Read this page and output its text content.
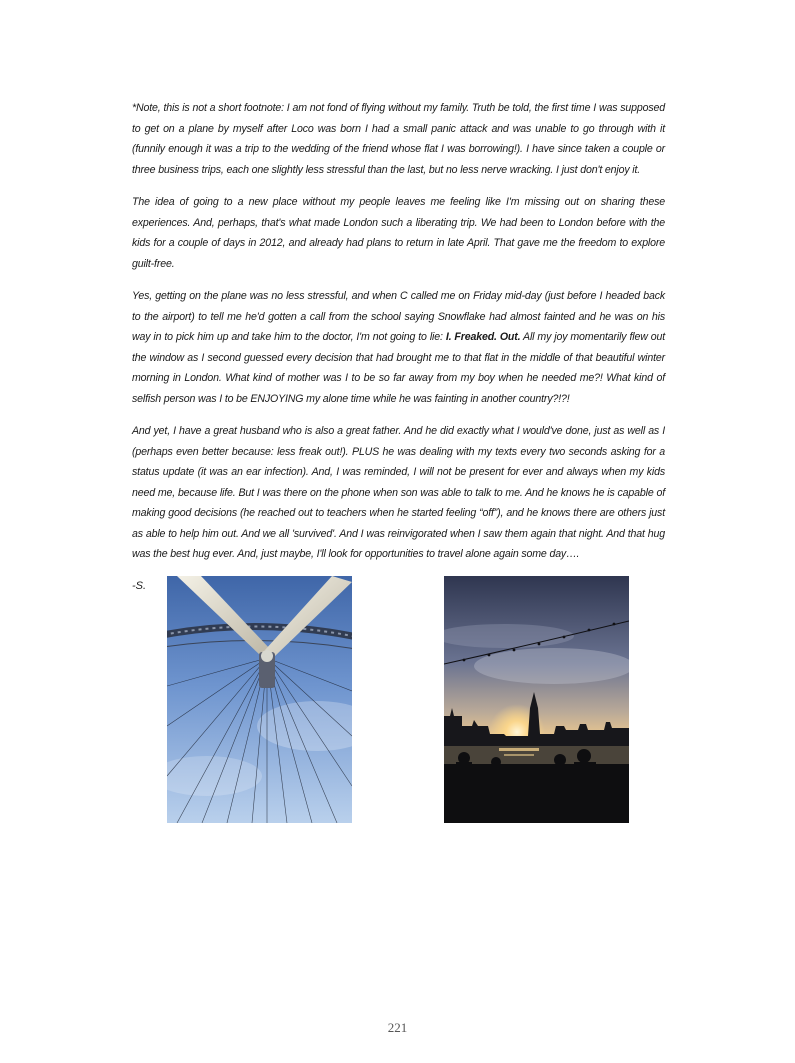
*Note, this is not a short footnote: I am not fond of flying without my family. Truth be told, the first time I was supposed to get on a plane by myself after Loco was born I had a small panic attack and was unable to go through with it (funnily enough it was a trip to the wedding of the friend whose flat I was borrowing!). I have since taken a couple or three business trips, each one slightly less stressful than the last, but no less nerve wracking. I just don't enjoy it.

The idea of going to a new place without my people leaves me feeling like I'm missing out on sharing these experiences. And, perhaps, that's what made London such a liberating trip. We had been to London before with the kids for a couple of days in 2012, and already had plans to return in late April. That gave me the freedom to explore guilt-free.

Yes, getting on the plane was no less stressful, and when C called me on Friday mid-day (just before I headed back to the airport) to tell me he'd gotten a call from the school saying Snowflake had almost fainted and he was on his way in to pick him up and take him to the doctor, I'm not going to lie: I. Freaked. Out. All my joy momentarily flew out the window as I second guessed every decision that had brought me to that flat in the middle of that beautiful winter morning in London. What kind of mother was I to be so far away from my boy when he needed me?! What kind of selfish person was I to be ENJOYING my alone time while he was fainting in another country?!?!

And yet, I have a great husband who is also a great father. And he did exactly what I would've done, just as well as I (perhaps even better because: less freak out!). PLUS he was dealing with my texts every two seconds asking for a status update (it was an ear infection). And, I was reminded, I will not be present for ever and always when my kids need me, because life. But I was there on the phone when son was able to talk to me. And he knows he is capable of making good decisions (he reached out to teachers when he started feeling “off”), and he knows there are others just as able to help him out. And we all 'survived'. And I was reinvigorated when I saw them again that night. And that hug was the best hug ever. And, just maybe, I'll look for opportunities to travel alone again some day….

-S.

221
